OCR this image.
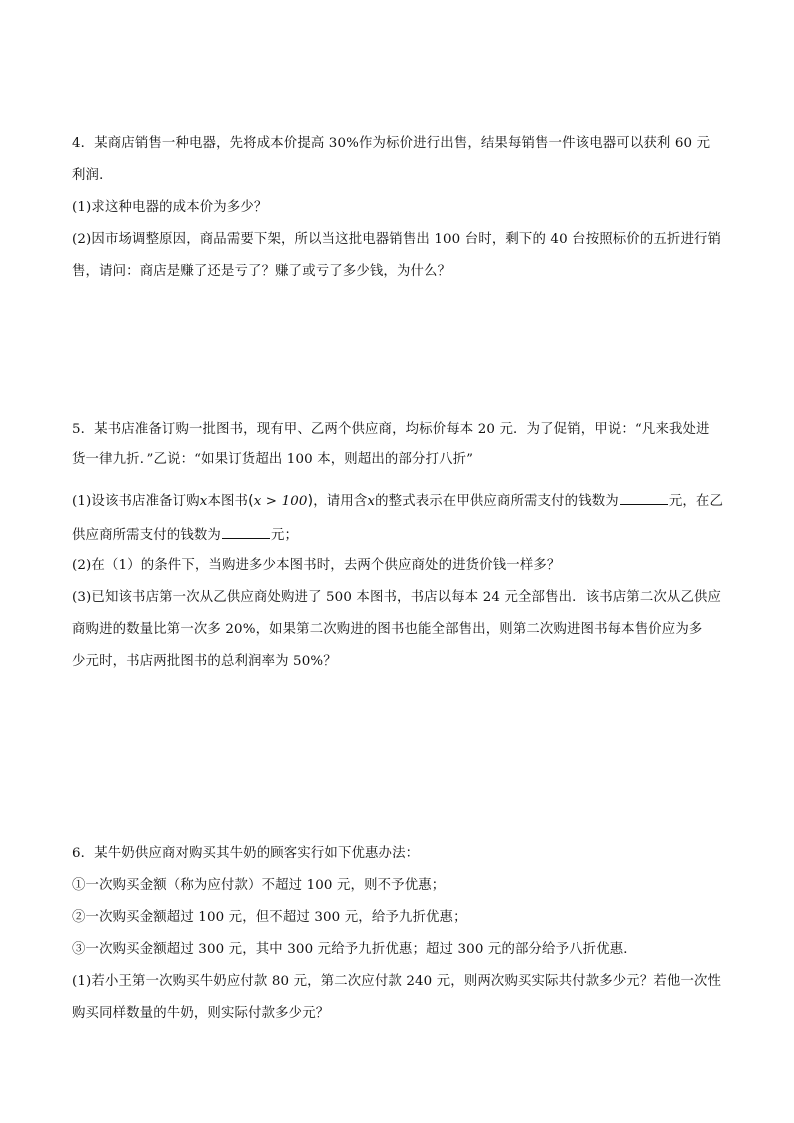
4．某商店销售一种电器，先将成本价提高 30%作为标价进行出售，结果每销售一件该电器可以获利 60 元
利润．
(1)求这种电器的成本价为多少？
(2)因市场调整原因，商品需要下架，所以当这批电器销售出 100 台时，剩下的 40 台按照标价的五折进行销
售，请问：商店是赚了还是亏了？赚了或亏了多少钱，为什么？
5．某书店准备订购一批图书，现有甲、乙两个供应商，均标价每本 20 元．为了促销，甲说：“凡来我处进
货一律九折．”乙说：“如果订货超出 100 本，则超出的部分打八折”
(1)设该书店准备订购x本图书(x > 100)，请用含x的整式表示在甲供应商所需支付的钱数为	元，在乙
供应商所需支付的钱数为	元；
(2)在（1）的条件下，当购进多少本图书时，去两个供应商处的进货价钱一样多？
(3)已知该书店第一次从乙供应商处购进了 500 本图书，书店以每本 24 元全部售出．该书店第二次从乙供应
商购进的数量比第一次多 20%，如果第二次购进的图书也能全部售出，则第二次购进图书每本售价应为多
少元时，书店两批图书的总利润率为 50%？
6．某牛奶供应商对购买其牛奶的顾客实行如下优惠办法：
①一次购买金额（称为应付款）不超过 100 元，则不予优惠；
②一次购买金额超过 100 元，但不超过 300 元，给予九折优惠；
③一次购买金额超过 300 元，其中 300 元给予九折优惠；超过 300 元的部分给予八折优惠．
(1)若小王第一次购买牛奶应付款 80 元，第二次应付款 240 元，则两次购买实际共付款多少元？若他一次性
购买同样数量的牛奶，则实际付款多少元？
